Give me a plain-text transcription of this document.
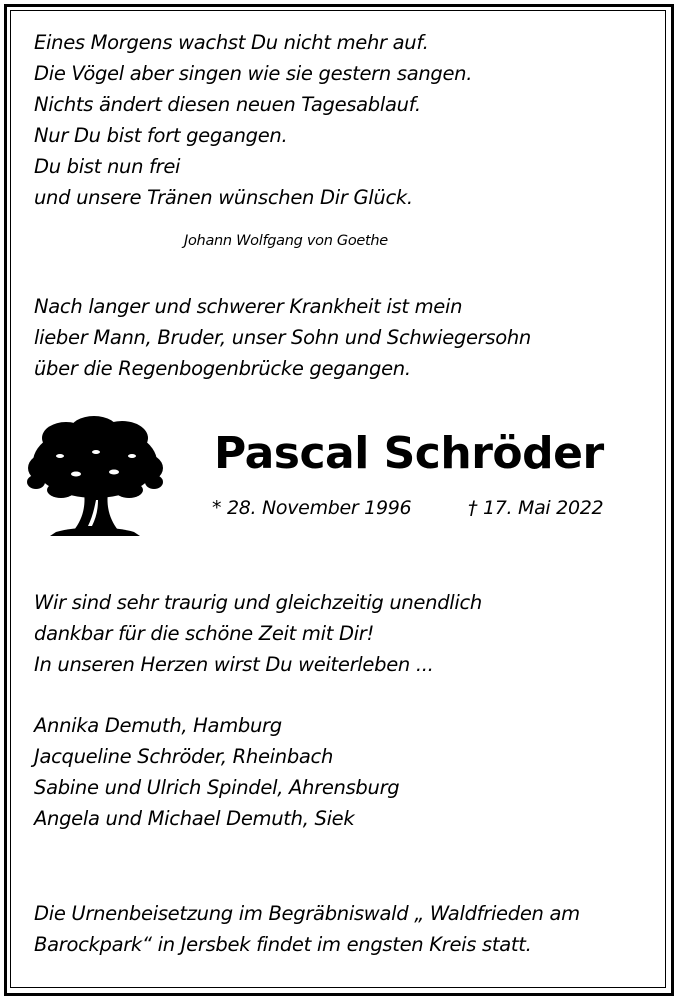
Eines Morgens wachst Du nicht mehr auf.
Die Vögel aber singen wie sie gestern sangen.
Nichts ändert diesen neuen Tagesablauf.
Nur Du bist fort gegangen.
Du bist nun frei
und unsere Tränen wünschen Dir Glück.
Johann Wolfgang von Goethe
Nach langer und schwerer Krankheit ist mein
lieber Mann, Bruder, unser Sohn und Schwiegersohn
über die Regenbogenbrücke gegangen.
Pascal Schröder
* 28. November 1996	† 17. Mai 2022
Wir sind sehr traurig und gleichzeitig unendlich
dankbar für die schöne Zeit mit Dir!
In unseren Herzen wirst Du weiterleben ...
Annika Demuth, Hamburg
Jacqueline Schröder, Rheinbach
Sabine und Ulrich Spindel, Ahrensburg
Angela und Michael Demuth, Siek
Die Urnenbeisetzung im Begräbniswald „ Waldfrieden am
Barockpark“ in Jersbek findet im engsten Kreis statt.
